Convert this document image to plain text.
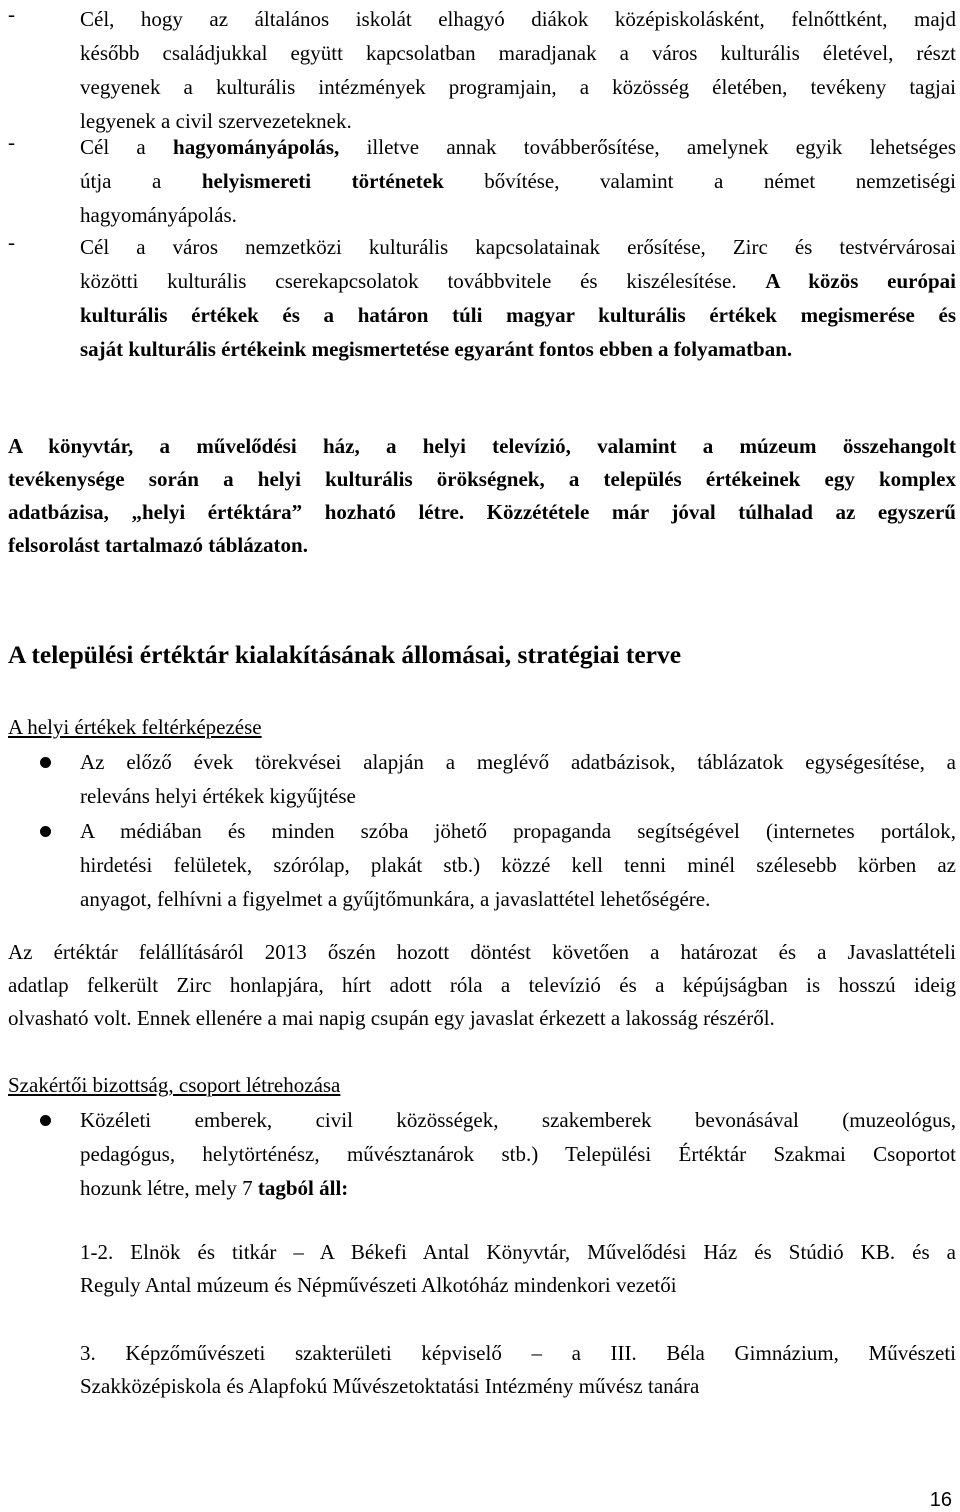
-	Cél, hogy az általános iskolát elhagyó diákok középiskolásként, felnőttként, majd
később családjukkal együtt kapcsolatban maradjanak a város kulturális életével, részt
vegyenek a kulturális intézmények programjain, a közösség életében, tevékeny tagjai
legyenek a civil szervezeteknek.
-	Cél a hagyományápolás, illetve annak továbberősítése, amelynek egyik lehetséges
útja a helyismereti történetek bővítése, valamint a német nemzetiségi
hagyományápolás.
-	Cél a város nemzetközi kulturális kapcsolatainak erősítése, Zirc és testvérvárosai
közötti kulturális cserekapcsolatok továbbvitele és kiszélesítése. A közös európai
kulturális értékek és a határon túli magyar kulturális értékek megismerése és
saját kulturális értékeink megismertetése egyaránt fontos ebben a folyamatban.
A könyvtár, a művelődési ház, a helyi televízió, valamint a múzeum összehangolt
tevékenysége során a helyi kulturális örökségnek, a település értékeinek egy komplex
adatbázisa, „helyi értéktára” hozható létre. Közzététele már jóval túlhalad az egyszerű
felsorolást tartalmazó táblázaton.
A települési értéktár kialakításának állomásai, stratégiai terve
A helyi értékek feltérképezése
Az előző évek törekvései alapján a meglévő adatbázisok, táblázatok egységesítése, a
releváns helyi értékek kigyűjtése
A médiában és minden szóba jöhető propaganda segítségével (internetes portálok,
hirdetési felületek, szórólap, plakát stb.) közzé kell tenni minél szélesebb körben az
anyagot, felhívni a figyelmet a gyűjtőmunkára, a javaslattétel lehetőségére.
Az értéktár felállításáról 2013 őszén hozott döntést követően a határozat és a Javaslattételi
adatlap felkerült Zirc honlapjára, hírt adott róla a televízió és a képújságban is hosszú ideig
olvasható volt. Ennek ellenére a mai napig csupán egy javaslat érkezett a lakosság részéről.
Szakértői bizottság, csoport létrehozása
Közéleti emberek, civil közösségek, szakemberek bevonásával (muzeológus,
pedagógus, helytörténész, művésztanárok stb.) Települési Értéktár Szakmai Csoportot
hozunk létre, mely 7 tagból áll:
1-2. Elnök és titkár – A Békefi Antal Könyvtár, Művelődési Ház és Stúdió KB. és a
Reguly Antal múzeum és Népművészeti Alkotóház mindenkori vezetői
3. Képzőművészeti szakterületi képviselő – a III. Béla Gimnázium, Művészeti
Szakközépiskola és Alapfokú Művészetoktatási Intézmény művész tanára
16
